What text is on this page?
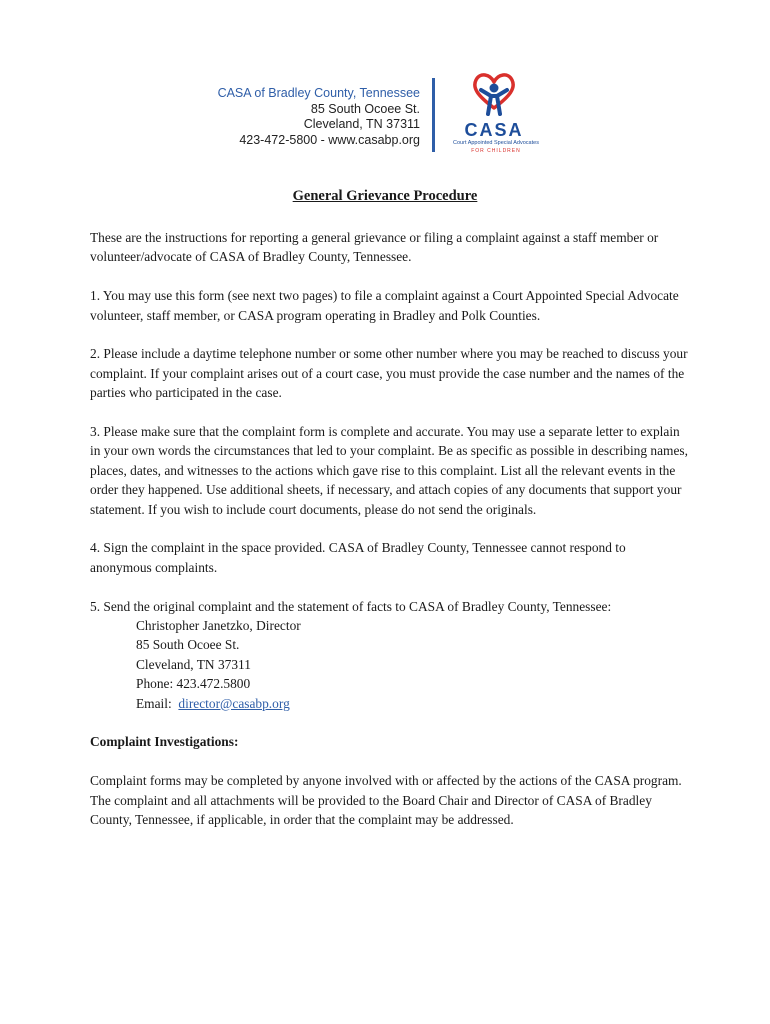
CASA of Bradley County, Tennessee
85 South Ocoee St.
Cleveland, TN 37311
423-472-5800 - www.casabp.org	CASA
Court Appointed Special Advocates
FOR CHILDREN
General Grievance Procedure

These are the instructions for reporting a general grievance or filing a complaint against a staff member or volunteer/advocate of CASA of Bradley County, Tennessee.

1. You may use this form (see next two pages) to file a complaint against a Court Appointed Special Advocate volunteer, staff member, or CASA program operating in Bradley and Polk Counties.

2. Please include a daytime telephone number or some other number where you may be reached to discuss your complaint. If your complaint arises out of a court case, you must provide the case number and the names of the parties who participated in the case.

3. Please make sure that the complaint form is complete and accurate. You may use a separate letter to explain in your own words the circumstances that led to your complaint. Be as specific as possible in describing names, places, dates, and witnesses to the actions which gave rise to this complaint. List all the relevant events in the order they happened. Use additional sheets, if necessary, and attach copies of any documents that support your statement. If you wish to include court documents, please do not send the originals.

4. Sign the complaint in the space provided. CASA of Bradley County, Tennessee cannot respond to anonymous complaints.

5. Send the original complaint and the statement of facts to CASA of Bradley County, Tennessee:

Christopher Janetzko, Director

85 South Ocoee St.

Cleveland, TN 37311

Phone: 423.472.5800

Email: director@casabp.org

Complaint Investigations:

Complaint forms may be completed by anyone involved with or affected by the actions of the CASA program. The complaint and all attachments will be provided to the Board Chair and Director of CASA of Bradley County, Tennessee, if applicable, in order that the complaint may be addressed.
